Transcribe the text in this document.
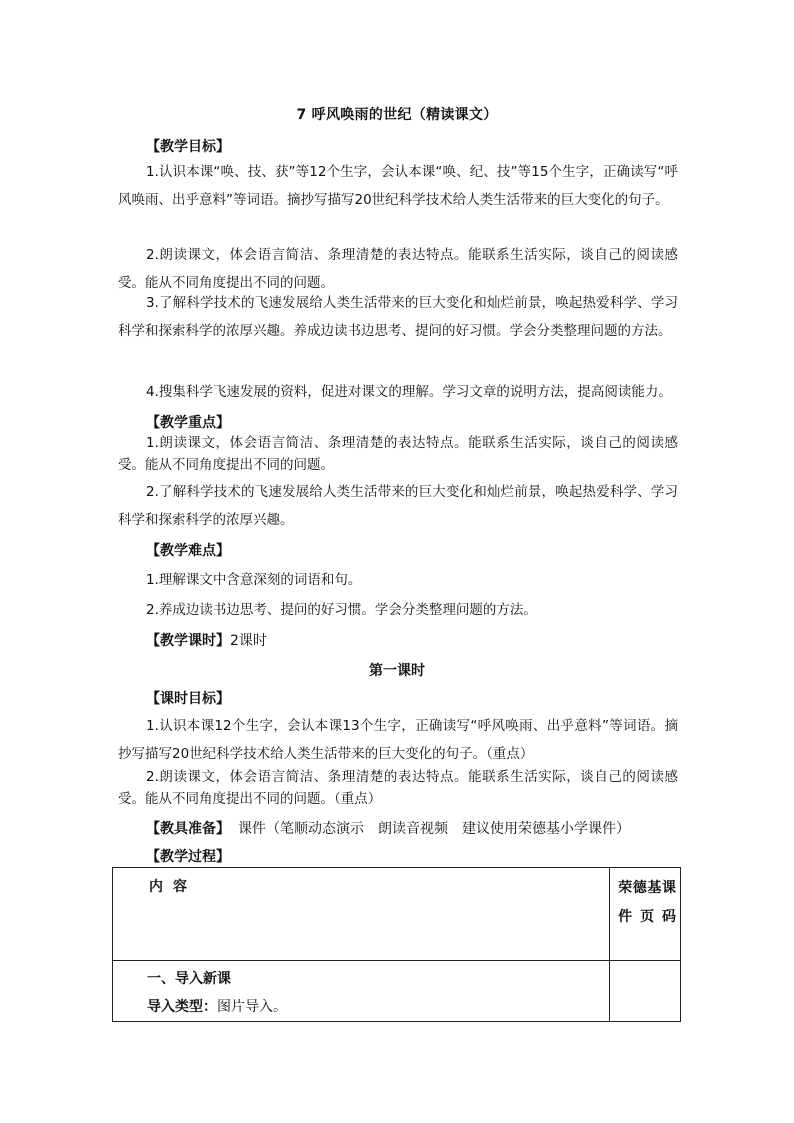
7 呼风唤雨的世纪（精读课文）
【教学目标】
1.认识本课“唤、技、获”等12个生字，会认本课“唤、纪、技”等15个生字，正确读写“呼风唤雨、出乎意料”等词语。摘抄写描写20世纪科学技术给人类生活带来的巨大变化的句子。
2.朗读课文，体会语言简洁、条理清楚的表达特点。能联系生活实际，谈自己的阅读感受。能从不同角度提出不同的问题。
3.了解科学技术的飞速发展给人类生活带来的巨大变化和灿烂前景，唤起热爱科学、学习科学和探索科学的浓厚兴趣。养成边读书边思考、提问的好习惯。学会分类整理问题的方法。
4.搜集科学飞速发展的资料，促进对课文的理解。学习文章的说明方法，提高阅读能力。
【教学重点】
1.朗读课文，体会语言简洁、条理清楚的表达特点。能联系生活实际，谈自己的阅读感受。能从不同角度提出不同的问题。
2.了解科学技术的飞速发展给人类生活带来的巨大变化和灿烂前景，唤起热爱科学、学习科学和探索科学的浓厚兴趣。
【教学难点】
1.理解课文中含意深刻的词语和句。
2.养成边读书边思考、提问的好习惯。学会分类整理问题的方法。
【教学课时】2课时
第一课时
【课时目标】
1.认识本课12个生字，会认本课13个生字，正确读写“呼风唤雨、出乎意料”等词语。摘抄写描写20世纪科学技术给人类生活带来的巨大变化的句子。（重点）
2.朗读课文，体会语言简洁、条理清楚的表达特点。能联系生活实际，谈自己的阅读感受。能从不同角度提出不同的问题。（重点）
【教具准备】 课件（笔顺动态演示　朗读音视频　建议使用荣德基小学课件）
【教学过程】
内容	荣德基课件页码

一、导入新课
导入类型：图片导入。	
